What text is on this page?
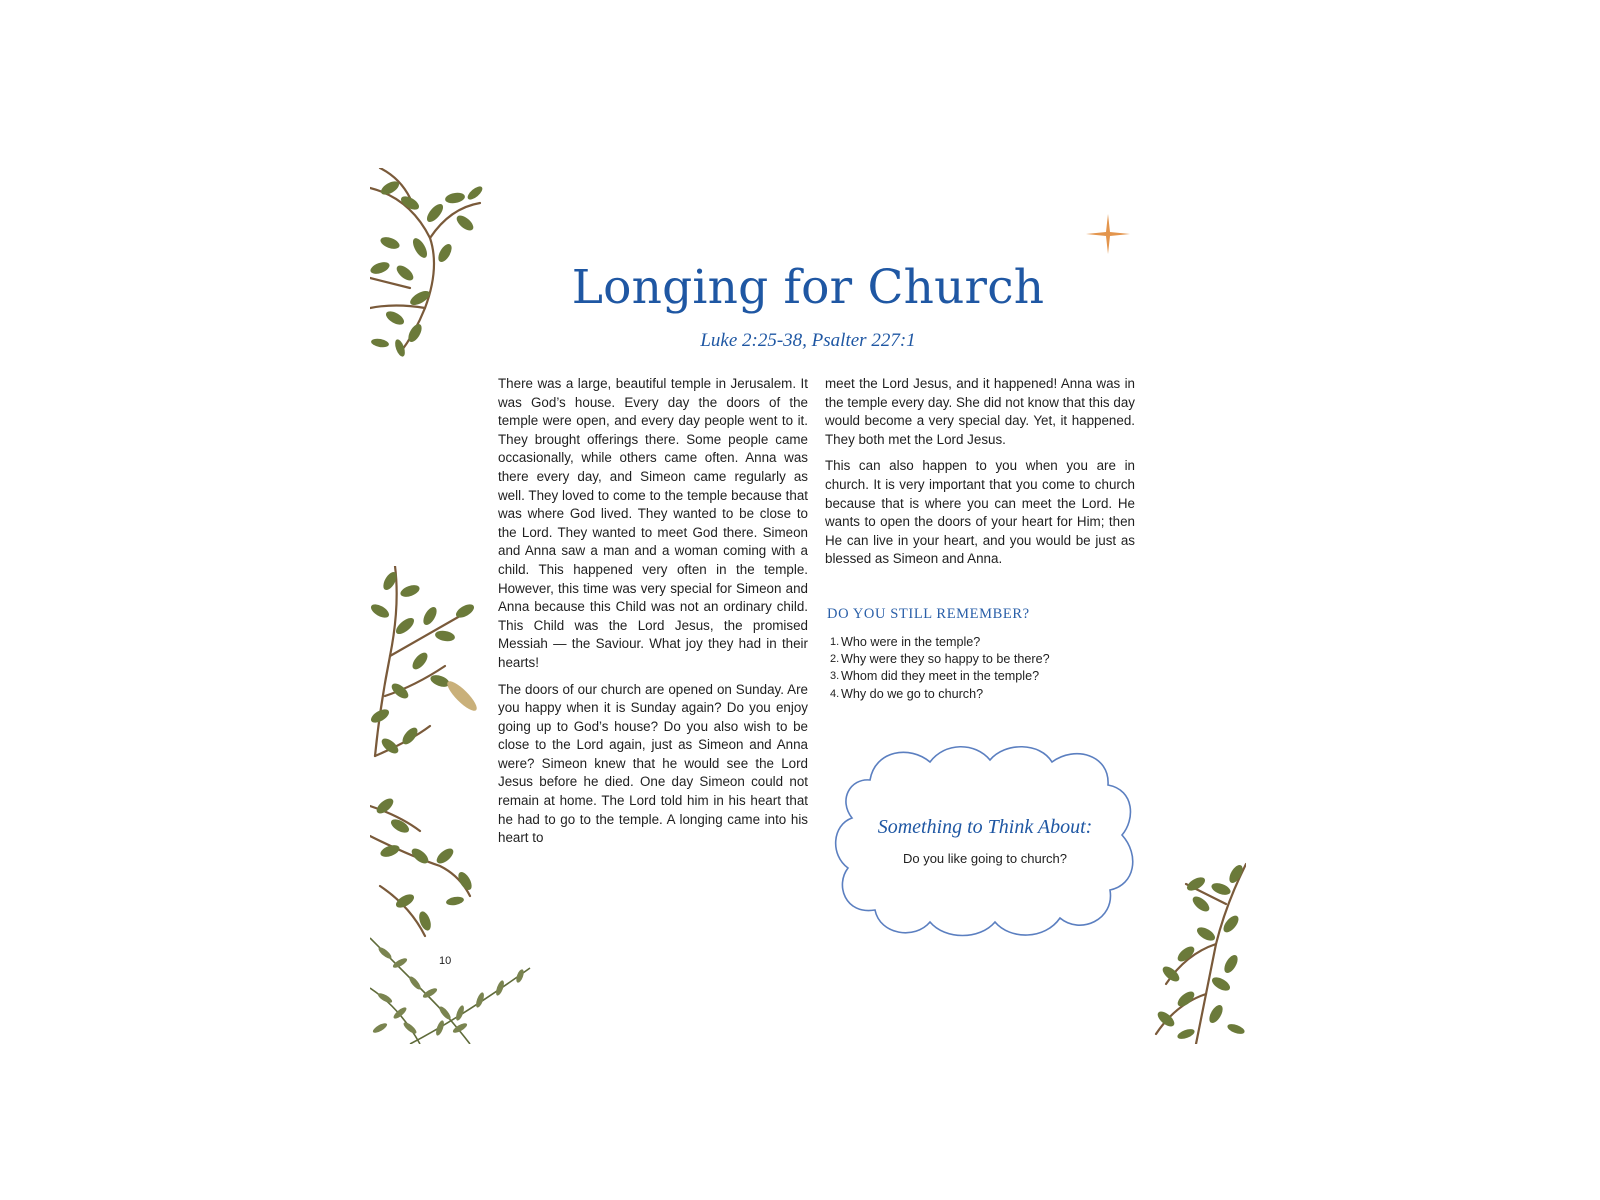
Longing for Church

Luke 2:25-38, Psalter 227:1

There was a large, beautiful temple in Jerusalem. It was God’s house. Every day the doors of the temple were open, and every day people went to it. They brought offerings there. Some people came occasionally, while others came often. Anna was there every day, and Simeon came regularly as well. They loved to come to the temple because that was where God lived. They wanted to be close to the Lord. They wanted to meet God there. Simeon and Anna saw a man and a woman coming with a child. This happened very often in the temple. However, this time was very special for Simeon and Anna because this Child was not an ordinary child. This Child was the Lord Jesus, the promised Messiah — the Saviour. What joy they had in their hearts!

The doors of our church are opened on Sunday. Are you happy when it is Sunday again? Do you enjoy going up to God’s house? Do you also wish to be close to the Lord again, just as Simeon and Anna were? Simeon knew that he would see the Lord Jesus before he died. One day Simeon could not remain at home. The Lord told him in his heart that he had to go to the temple. A longing came into his heart to

meet the Lord Jesus, and it happened! Anna was in the temple every day. She did not know that this day would become a very special day. Yet, it happened. They both met the Lord Jesus.

This can also happen to you when you are in church. It is very important that you come to church because that is where you can meet the Lord. He wants to open the doors of your heart for Him; then He can live in your heart, and you would be just as blessed as Simeon and Anna.

DO YOU STILL REMEMBER?
1. Who were in the temple?
2. Why were they so happy to be there?
3. Whom did they meet in the temple?
4. Why do we go to church?
Something to Think About:

Do you like going to church?

10
